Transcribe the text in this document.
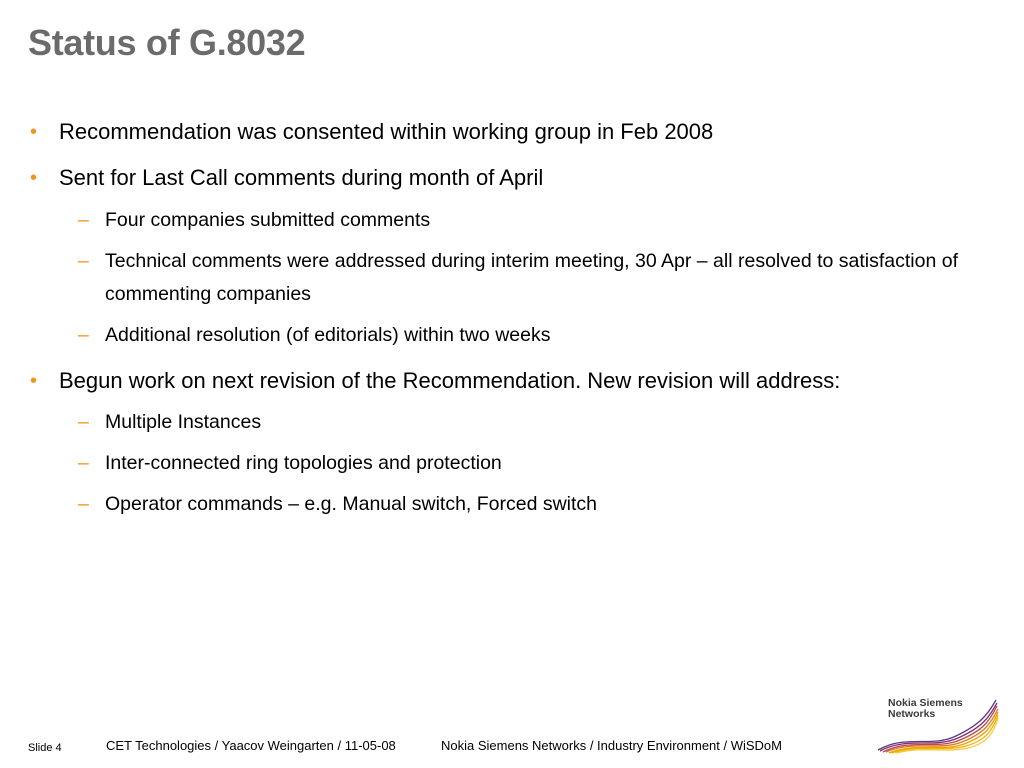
Status of G.8032
• Recommendation was consented within working group in Feb 2008
• Sent for Last Call comments during month of April
– Four companies submitted comments
– Technical comments were addressed during interim meeting, 30 Apr – all resolved to satisfaction of commenting companies
– Additional resolution (of editorials) within two weeks
• Begun work on next revision of the Recommendation. New revision will address:
– Multiple Instances
– Inter-connected ring topologies and protection
– Operator commands – e.g. Manual switch, Forced switch
Slide 4	CET Technologies / Yaacov Weingarten / 11-05-08	Nokia Siemens Networks / Industry Environment / WiSDoM
Nokia Siemens
Networks
